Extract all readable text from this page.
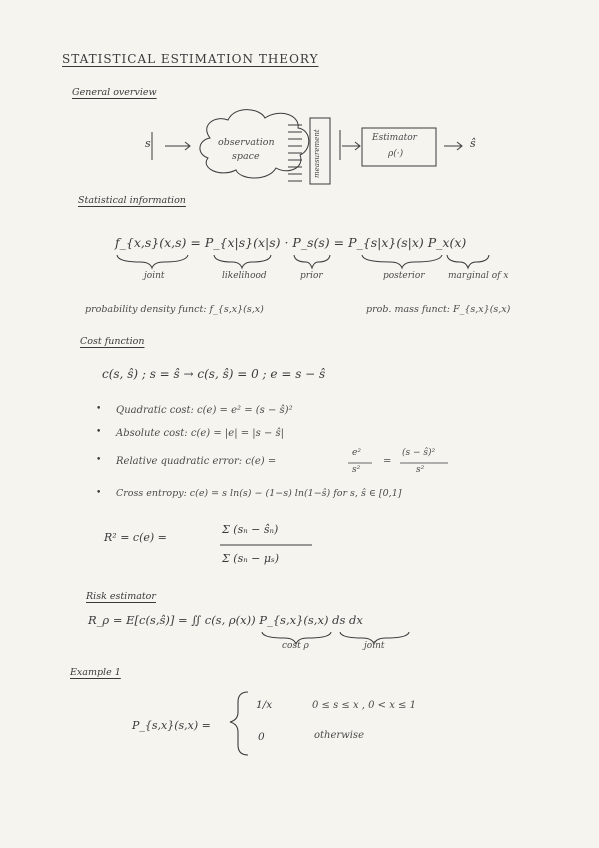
STATISTICAL ESTIMATION THEORY
General overview
s	observation
space	measurement	Estimator
ρ(·)
ŝ
Statistical information
f_{x,s}(x,s) = P_{x|s}(x|s) · P_s(s) = P_{s|x}(s|x) P_x(x)
joint	likelihood	prior	posterior	marginal of x
probability density funct: f_{s,x}(s,x)	prob. mass funct: F_{s,x}(s,x)
Cost function
c(s, ŝ) ; s = ŝ → c(s, ŝ) = 0 ; e = s − ŝ
• Quadratic cost: c(e) = e² = (s − ŝ)²
• Absolute cost: c(e) = |e| = |s − ŝ|
• Relative quadratic error: c(e) =
e²
s²
=
(s − ŝ)²
s²
• Cross entropy: c(e) = s ln(s) − (1−s) ln(1−ŝ) for s, ŝ ∈ [0,1]
R² = c(e) =
Σ (sₙ − ŝₙ)
Σ (sₙ − μₛ)
Risk estimator
R_ρ = E[c(s,ŝ)] = ∬ c(s, ρ(x)) P_{s,x}(s,x) ds dx
cost ρ	joint
Example 1
P_{s,x}(s,x) =
1/x	0 ≤ s ≤ x , 0 < x ≤ 1
0	otherwise
